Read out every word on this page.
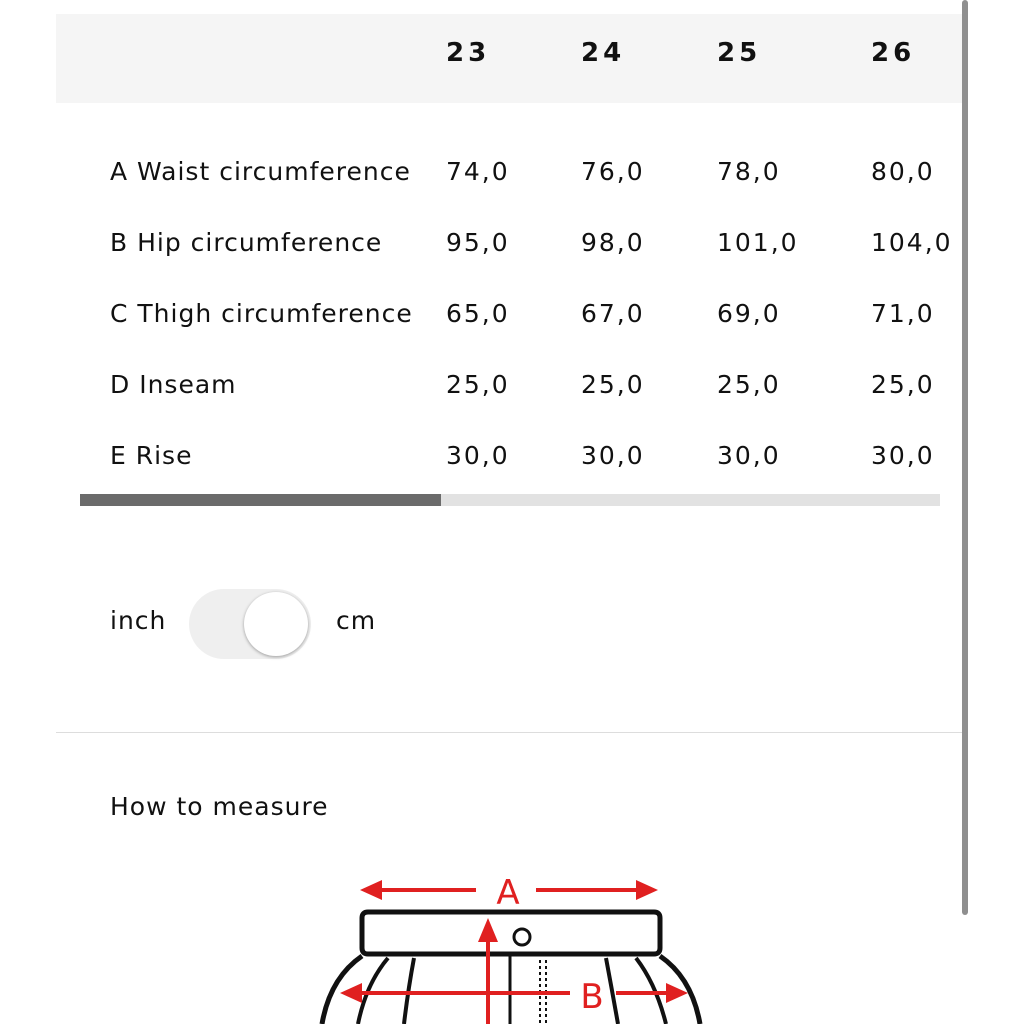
23	24	25	26
A Waist circumference 74,0	76,0	78,0	80,0
B Hip circumference	95,0	98,0	101,0	104,0
C Thigh circumference 65,0	67,0	69,0	71,0
D Inseam	25,0	25,0	25,0	25,0
E Rise	30,0	30,0	30,0	30,0
inch	cm
How to measure
A
B
